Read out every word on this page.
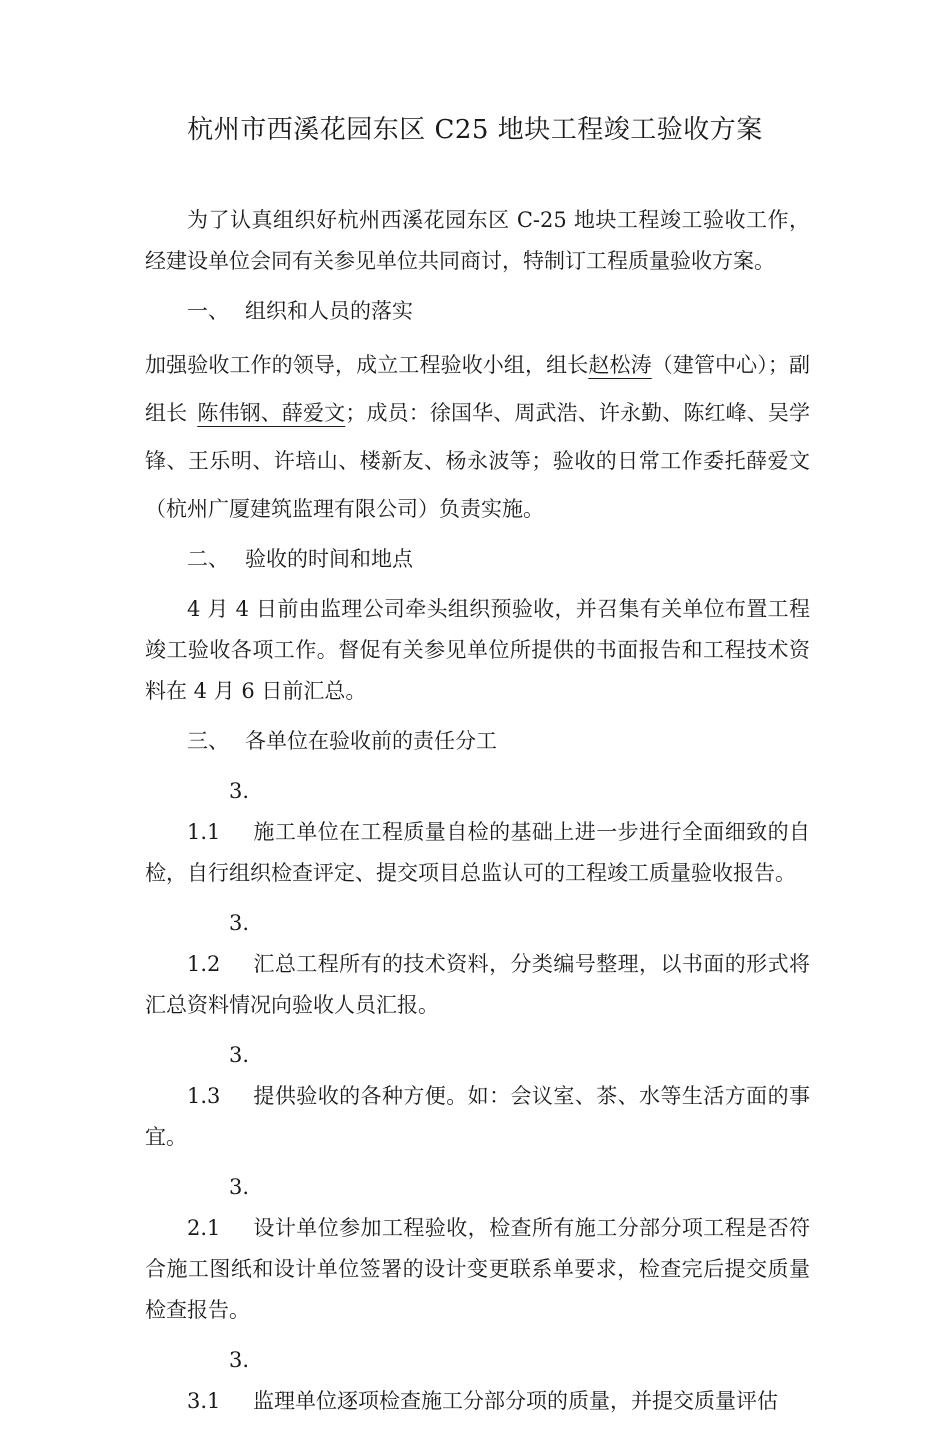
杭州市西溪花园东区 C25 地块工程竣工验收方案

为了认真组织好杭州西溪花园东区 C-25 地块工程竣工验收工作，经建设单位会同有关参见单位共同商讨，特制订工程质量验收方案。

一、 组织和人员的落实

加强验收工作的领导，成立工程验收小组，组长赵松涛（建管中心）；副组长 陈伟钢、薛爱文；成员：徐国华、周武浩、许永勤、陈红峰、吴学锋、王乐明、许培山、楼新友、杨永波等；验收的日常工作委托薛爱文（杭州广厦建筑监理有限公司）负责实施。

二、 验收的时间和地点

4 月 4 日前由监理公司牵头组织预验收，并召集有关单位布置工程竣工验收各项工作。督促有关参见单位所提供的书面报告和工程技术资料在 4 月 6 日前汇总。

三、 各单位在验收前的责任分工

3.1.1 施工单位在工程质量自检的基础上进一步进行全面细致的自检，自行组织检查评定、提交项目总监认可的工程竣工质量验收报告。

3.1.2 汇总工程所有的技术资料，分类编号整理，以书面的形式将汇总资料情况向验收人员汇报。

3.1.3 提供验收的各种方便。如：会议室、茶、水等生活方面的事宜。

3.2.1 设计单位参加工程验收，检查所有施工分部分项工程是否符合施工图纸和设计单位签署的设计变更联系单要求，检查完后提交质量检查报告。

3.3.1 监理单位逐项检查施工分部分项的质量，并提交质量评估
